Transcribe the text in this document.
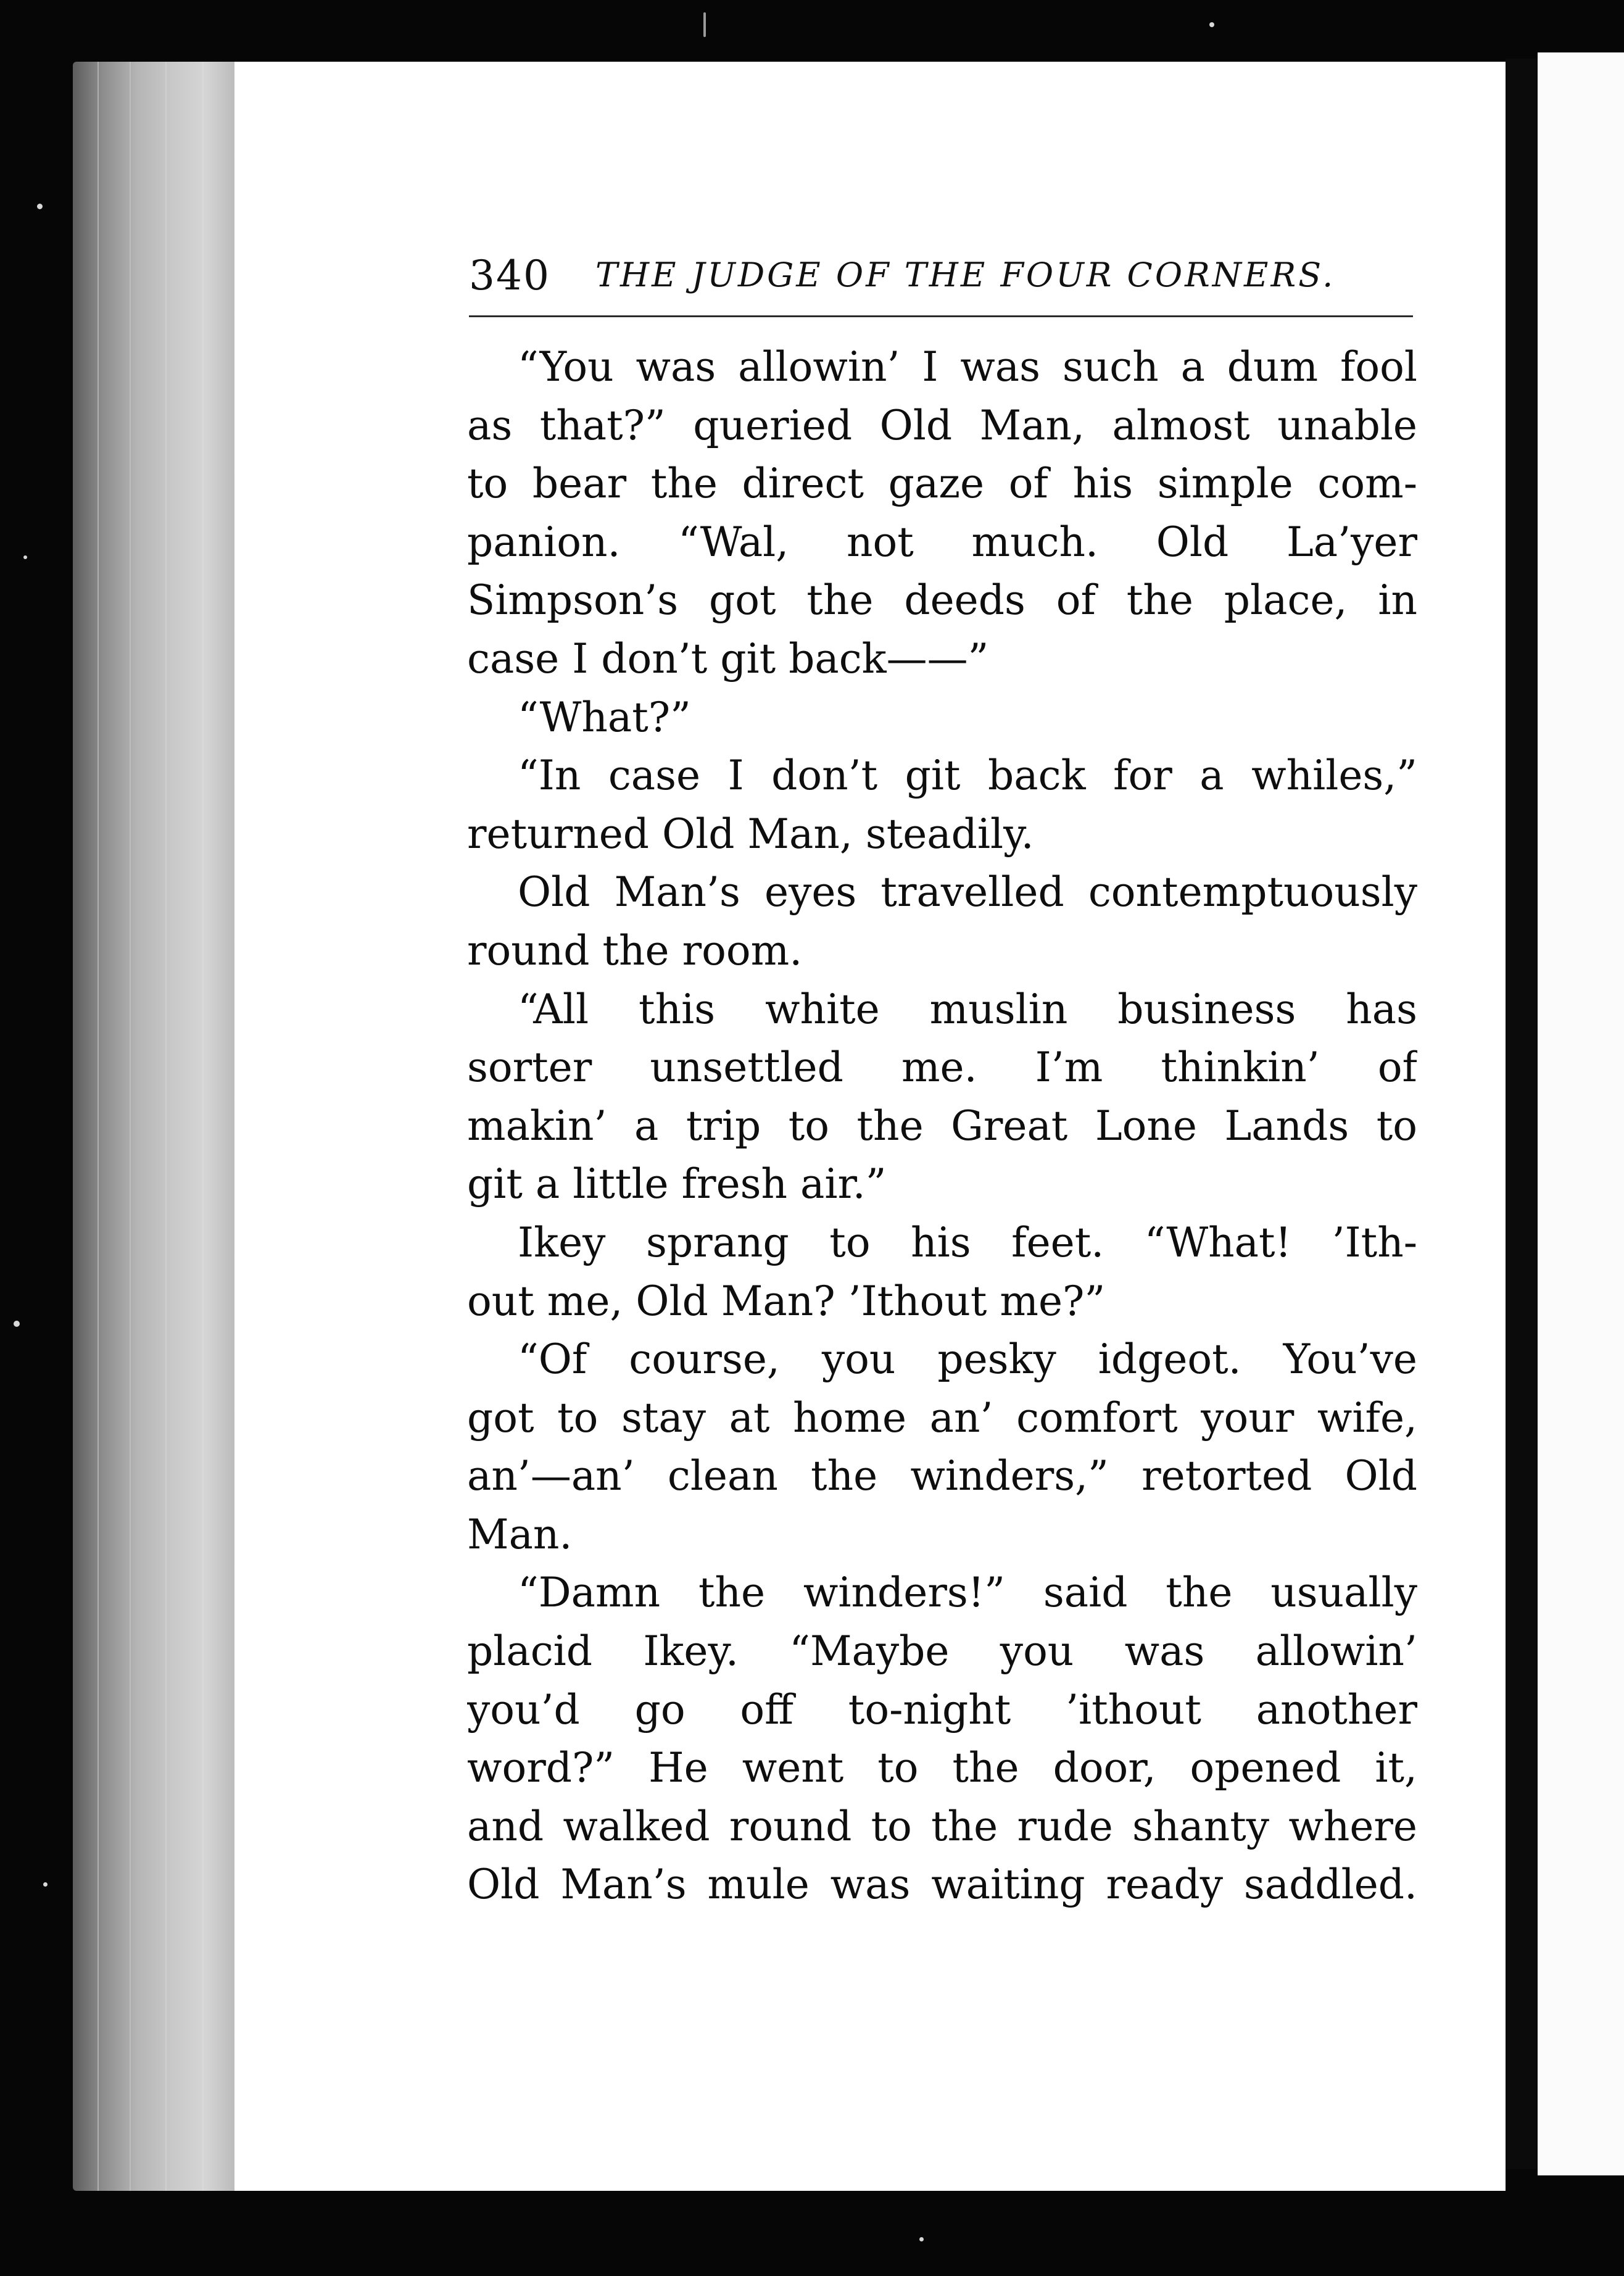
340 THE JUDGE OF THE FOUR CORNERS.
“You was allowin’ I was such a dum fool
as that?” queried Old Man, almost unable
to bear the direct gaze of his simple com-
panion. “Wal, not much. Old La’yer
Simpson’s got the deeds of the place, in
case I don’t git back——”
“What?”
“In case I don’t git back for a whiles,”
returned Old Man, steadily.
Old Man’s eyes travelled contemptuously
round the room.
“All this white muslin business has
sorter unsettled me. I’m thinkin’ of
makin’ a trip to the Great Lone Lands to
git a little fresh air.”
Ikey sprang to his feet. “What! ’Ith-
out me, Old Man? ’Ithout me?”
“Of course, you pesky idgeot. You’ve
got to stay at home an’ comfort your wife,
an’—an’ clean the winders,” retorted Old
Man.
“Damn the winders!” said the usually
placid Ikey. “Maybe you was allowin’
you’d go off to-night ’ithout another
word?” He went to the door, opened it,
and walked round to the rude shanty where
Old Man’s mule was waiting ready saddled.
